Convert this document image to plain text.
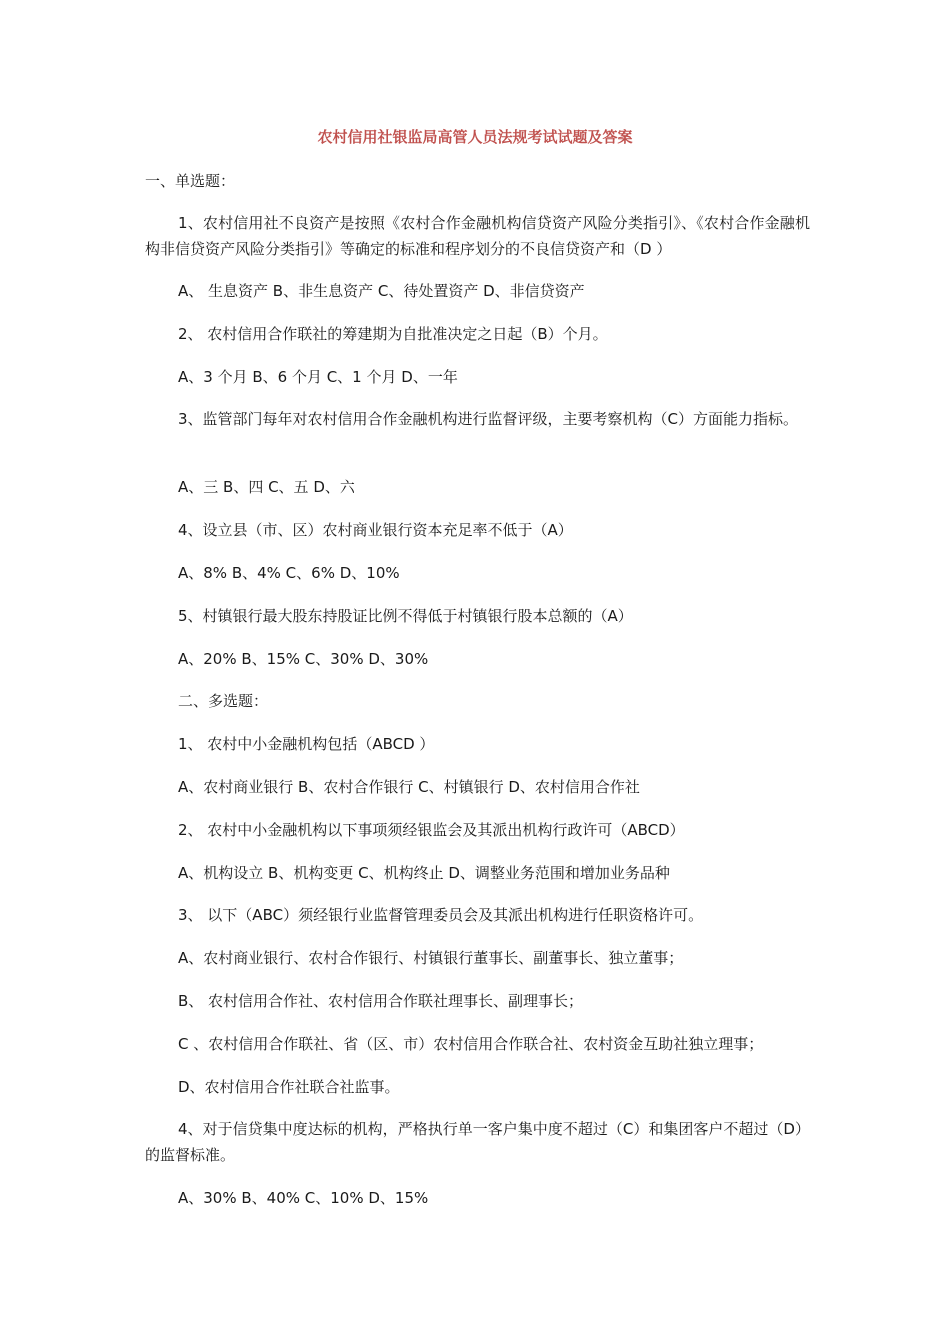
农村信用社银监局高管人员法规考试试题及答案
一、单选题：
1、农村信用社不良资产是按照《农村合作金融机构信贷资产风险分类指引》、《农村合作金融机构非信贷资产风险分类指引》等确定的标准和程序划分的不良信贷资产和（D ）
A、 生息资产 B、非生息资产 C、待处置资产 D、非信贷资产
2、 农村信用合作联社的筹建期为自批准决定之日起（B）个月。
A、3 个月 B、6 个月 C、1 个月 D、一年
3、监管部门每年对农村信用合作金融机构进行监督评级，主要考察机构（C）方面能力指标。
A、三 B、四 C、五 D、六
4、设立县（市、区）农村商业银行资本充足率不低于（A）
A、8% B、4% C、6% D、10%
5、村镇银行最大股东持股证比例不得低于村镇银行股本总额的（A）
A、20% B、15% C、30% D、30%
二、多选题：
1、 农村中小金融机构包括（ABCD ）
A、农村商业银行 B、农村合作银行 C、村镇银行 D、农村信用合作社
2、 农村中小金融机构以下事项须经银监会及其派出机构行政许可（ABCD）
A、机构设立 B、机构变更 C、机构终止 D、调整业务范围和增加业务品种
3、 以下（ABC）须经银行业监督管理委员会及其派出机构进行任职资格许可。
A、农村商业银行、农村合作银行、村镇银行董事长、副董事长、独立董事；
B、 农村信用合作社、农村信用合作联社理事长、副理事长；
C 、农村信用合作联社、省（区、市）农村信用合作联合社、农村资金互助社独立理事；
D、农村信用合作社联合社监事。
4、对于信贷集中度达标的机构，严格执行单一客户集中度不超过（C）和集团客户不超过（D）的监督标准。
A、30% B、40% C、10% D、15%
